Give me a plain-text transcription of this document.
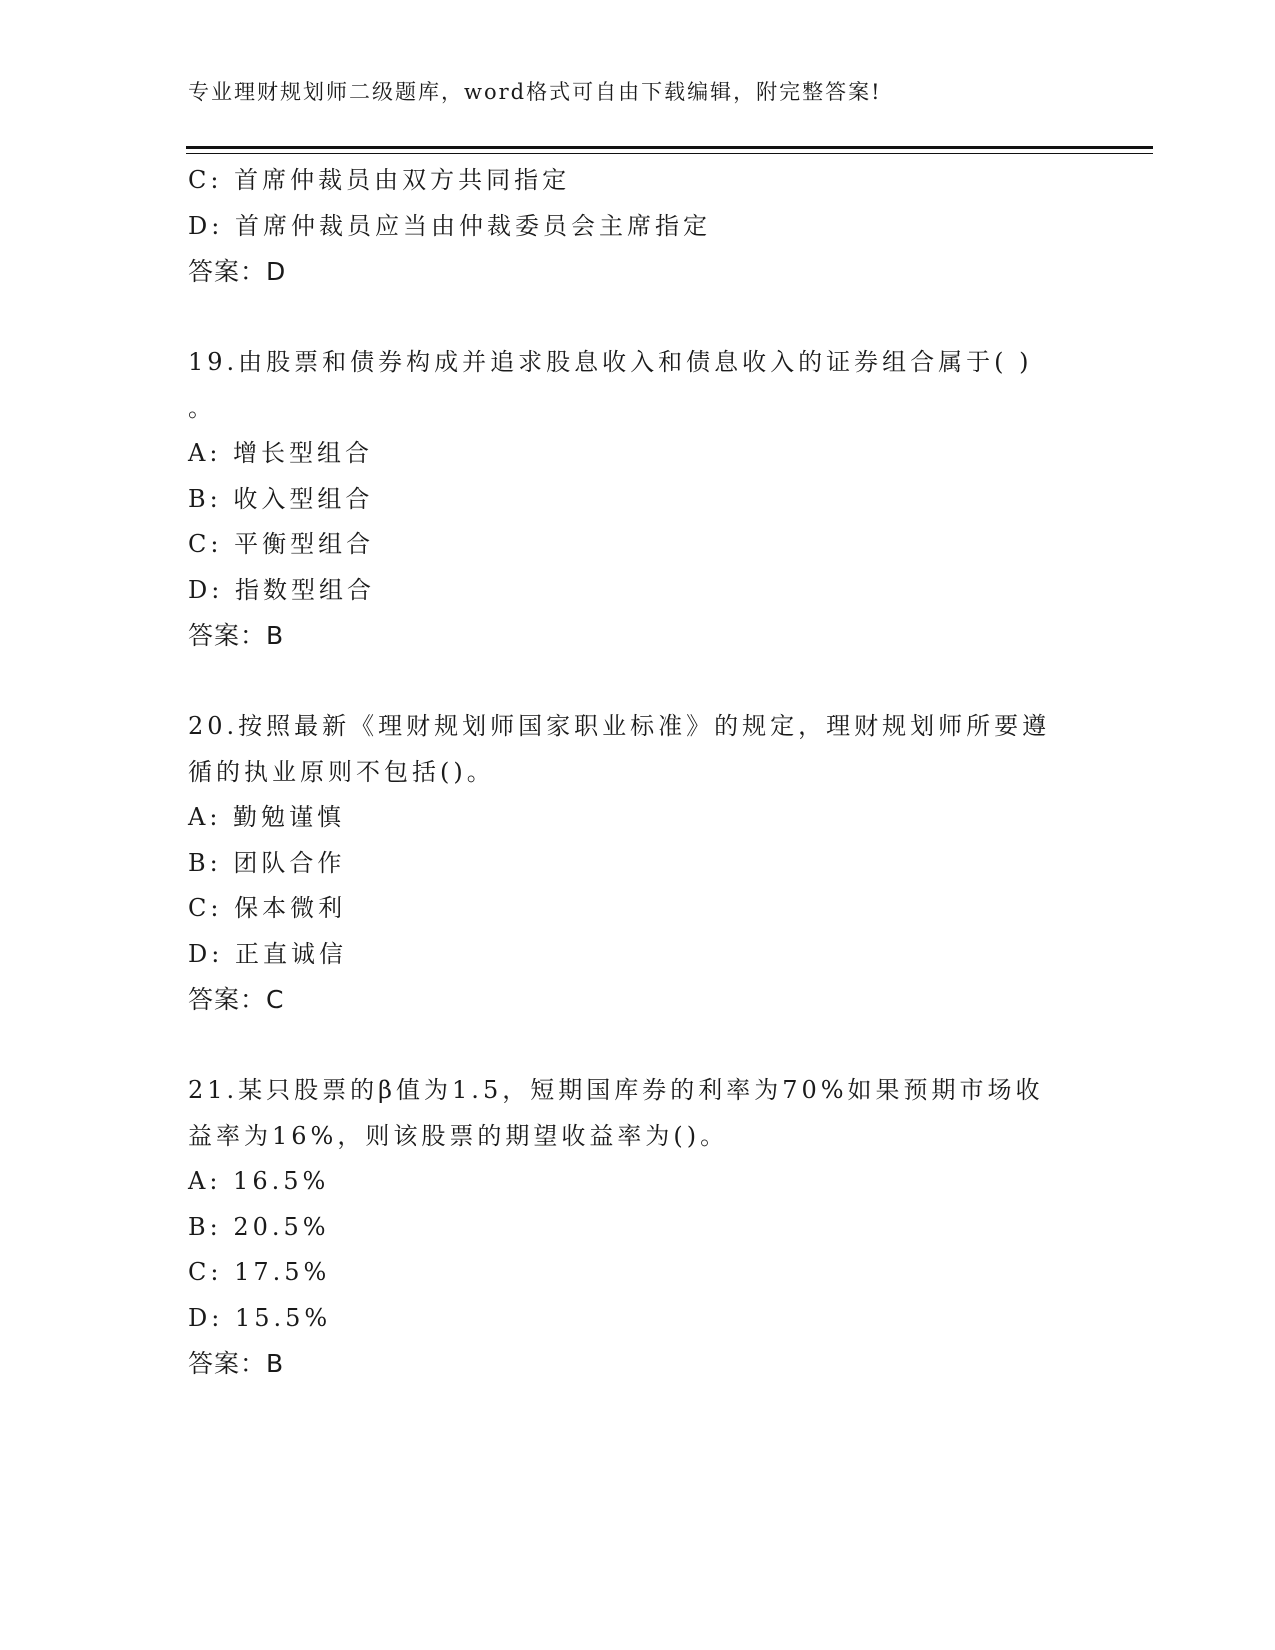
专业理财规划师二级题库，word格式可自由下载编辑，附完整答案!
C: 首席仲裁员由双方共同指定
D: 首席仲裁员应当由仲裁委员会主席指定
答案：D
19.由股票和债券构成并追求股息收入和债息收入的证券组合属于( )
。
A: 增长型组合
B: 收入型组合
C: 平衡型组合
D: 指数型组合
答案：B
20.按照最新《理财规划师国家职业标准》的规定，理财规划师所要遵
循的执业原则不包括()。
A: 勤勉谨慎
B: 团队合作
C: 保本微利
D: 正直诚信
答案：C
21.某只股票的β值为1.5，短期国库券的利率为70%如果预期市场收
益率为16%，则该股票的期望收益率为()。
A: 16.5%
B: 20.5%
C: 17.5%
D: 15.5%
答案：B
